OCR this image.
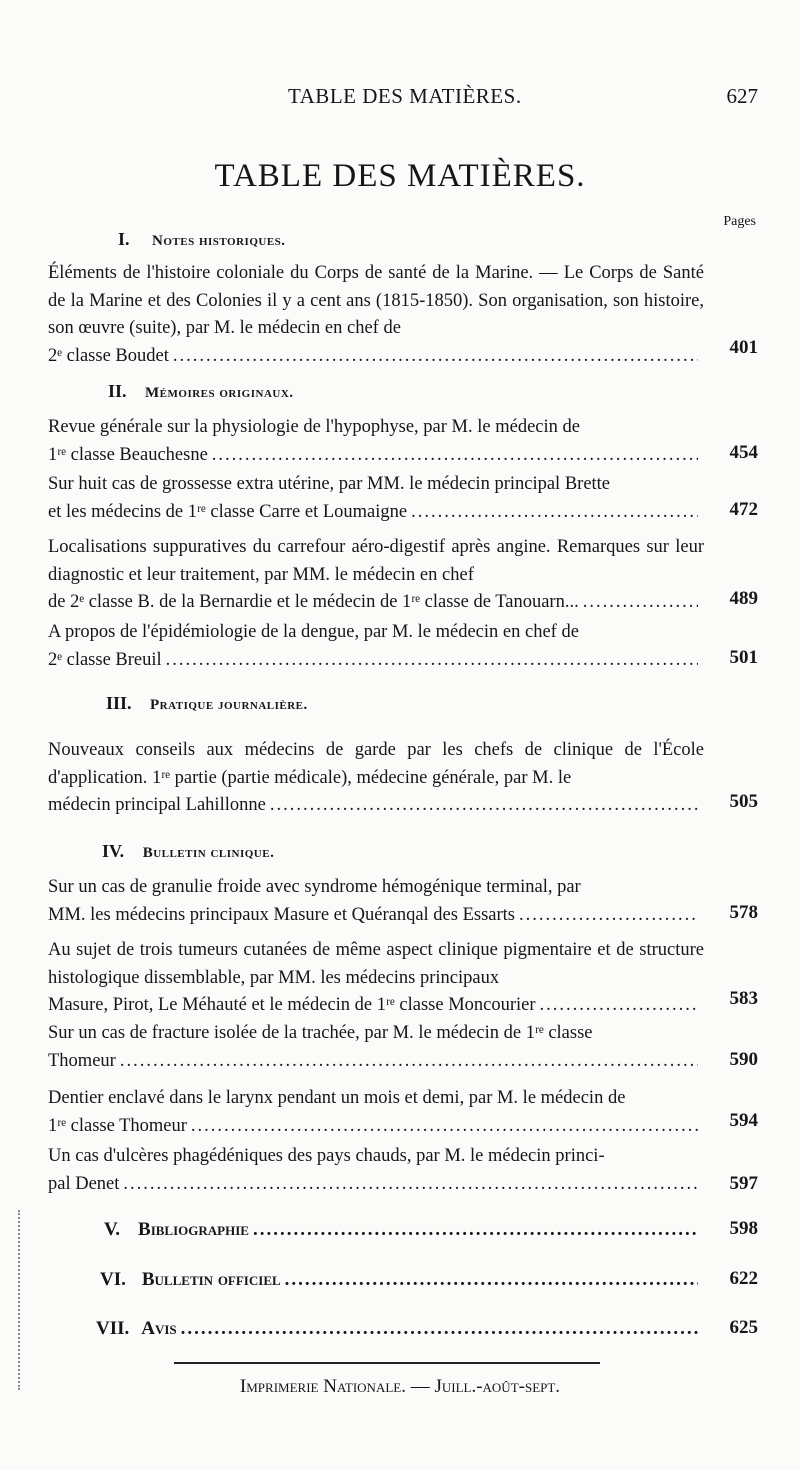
TABLE DES MATIÈRES.	627
TABLE DES MATIÈRES.
Pages
I. Notes historiques.
Éléments de l'histoire coloniale du Corps de santé de la Marine. — Le Corps de Santé de la Marine et des Colonies il y a cent ans (1815-1850). Son organisation, son histoire, son œuvre (suite), par M. le médecin en chef de
2ᵉ classe Boudet .....	401
II. Mémoires originaux.
Revue générale sur la physiologie de l'hypophyse, par M. le médecin de
1ʳᵉ classe Beauchesne .....	454
Sur huit cas de grossesse extra utérine, par MM. le médecin principal Brette
et les médecins de 1ʳᵉ classe Carre et Loumaigne .....	472
Localisations suppuratives du carrefour aéro-digestif après angine. Remarques sur leur diagnostic et leur traitement, par MM. le médecin en chef
de 2ᵉ classe B. de la Bernardie et le médecin de 1ʳᵉ classe de Tanouarn... .....	489
A propos de l'épidémiologie de la dengue, par M. le médecin en chef de
2ᵉ classe Breuil .....	501
III. Pratique journalière.
Nouveaux conseils aux médecins de garde par les chefs de clinique de l'École d'application. 1ʳᵉ partie (partie médicale), médecine générale, par M. le
médecin principal Lahillonne .....	505
IV. Bulletin clinique.
Sur un cas de granulie froide avec syndrome hémogénique terminal, par
MM. les médecins principaux Masure et Quéranqal des Essarts .....	578
Au sujet de trois tumeurs cutanées de même aspect clinique pigmentaire et de structure histologique dissemblable, par MM. les médecins principaux
Masure, Pirot, Le Méhauté et le médecin de 1ʳᵉ classe Moncourier .....	583
Sur un cas de fracture isolée de la trachée, par M. le médecin de 1ʳᵉ classe
Thomeur .....	590
Dentier enclavé dans le larynx pendant un mois et demi, par M. le médecin de
1ʳᵉ classe Thomeur .....	594
Un cas d'ulcères phagédéniques des pays chauds, par M. le médecin princi-
pal Denet .....	597
V. Bibliographie .....	598
VI. Bulletin officiel .....	622
VII. Avis .....	625
Imprimerie Nationale. — Juill.-août-sept.
